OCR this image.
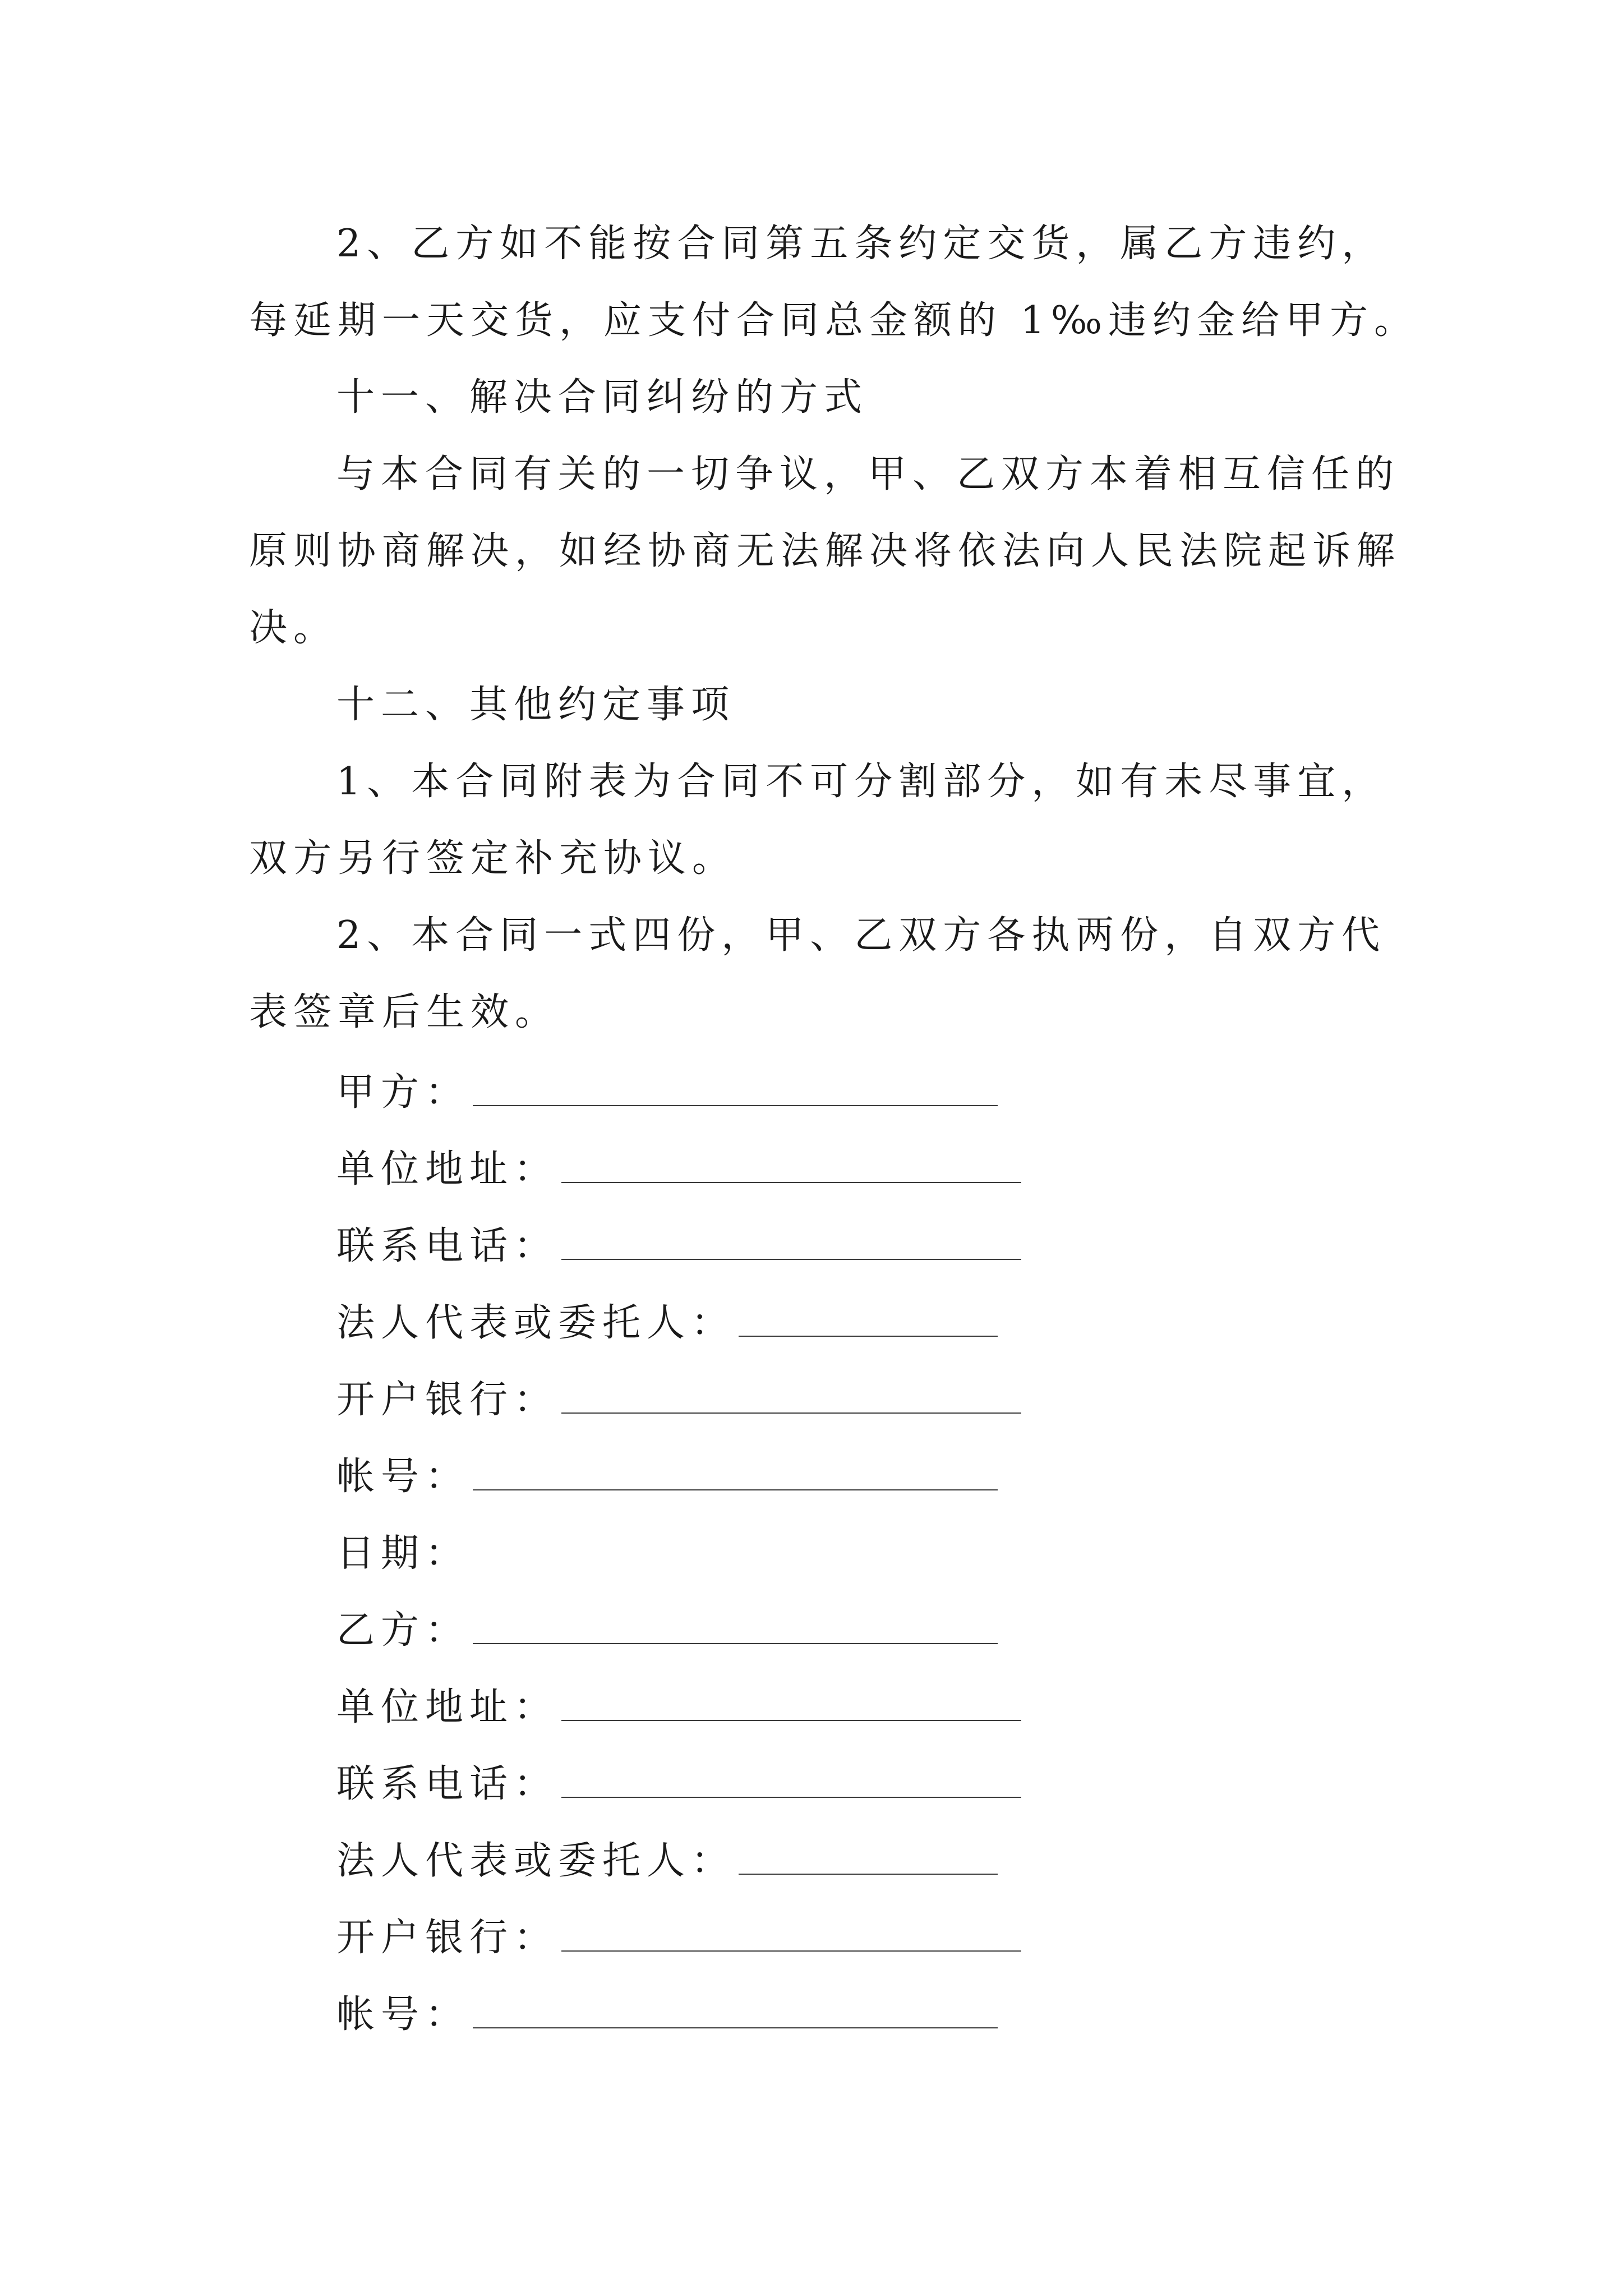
2、乙方如不能按合同第五条约定交货，属乙方违约，
每延期一天交货，应支付合同总金额的 1‰违约金给甲方。
十一、解决合同纠纷的方式
与本合同有关的一切争议，甲、乙双方本着相互信任的
原则协商解决，如经协商无法解决将依法向人民法院起诉解
决。
十二、其他约定事项
1、本合同附表为合同不可分割部分，如有未尽事宜，
双方另行签定补充协议。
2、本合同一式四份，甲、乙双方各执两份，自双方代
表签章后生效。
甲方：
单位地址：
联系电话：
法人代表或委托人：
开户银行：
帐号：
日期：
乙方：
单位地址：
联系电话：
法人代表或委托人：
开户银行：
帐号：
